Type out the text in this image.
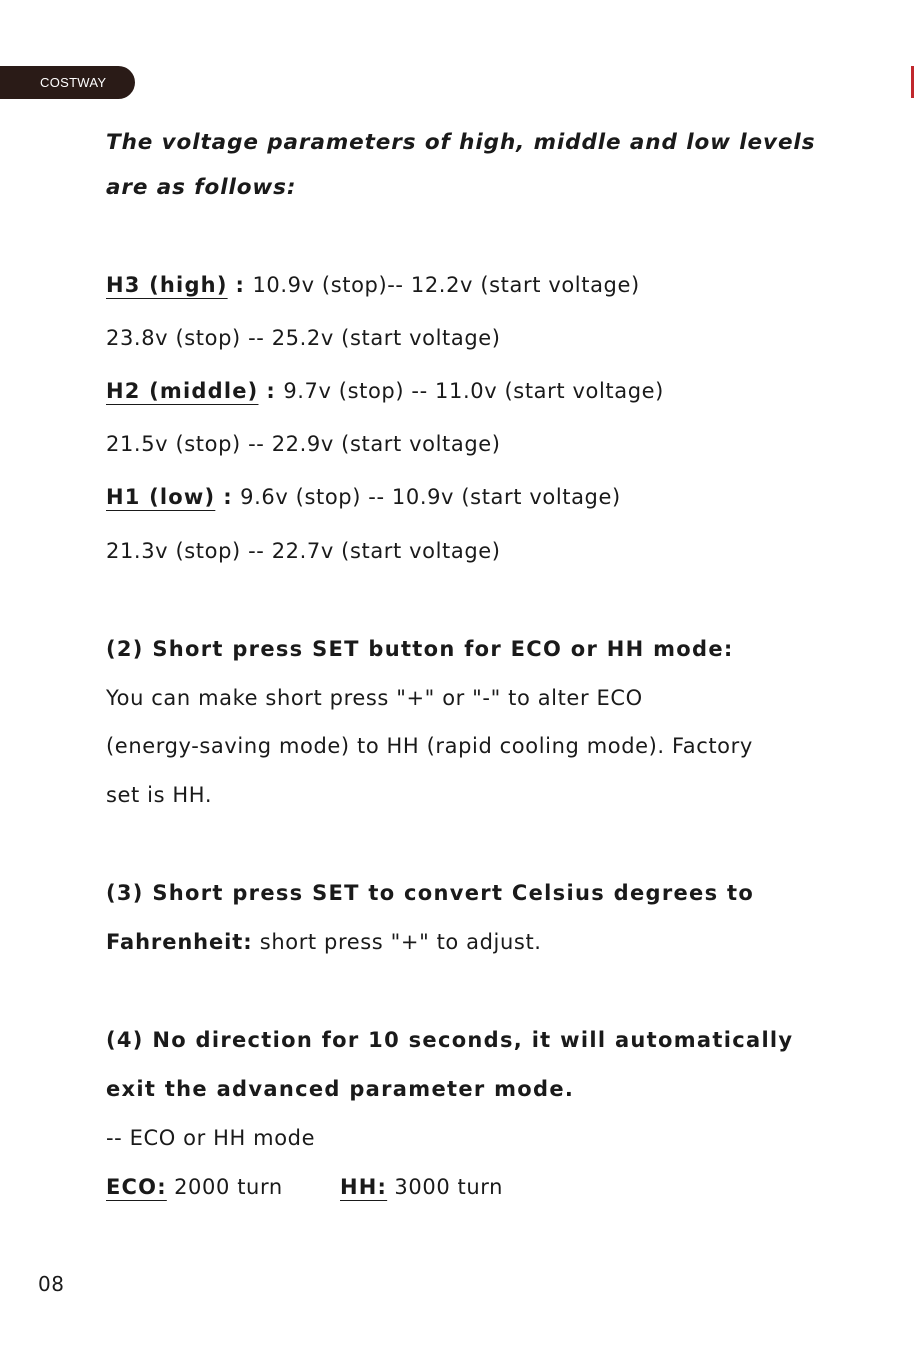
COSTWAY
The voltage parameters of high, middle and low levels
are as follows:
H3 (high) : 10.9v (stop)-- 12.2v (start voltage)
23.8v (stop) -- 25.2v (start voltage)
H2 (middle) : 9.7v (stop) -- 11.0v (start voltage)
21.5v (stop) -- 22.9v (start voltage)
H1 (low) : 9.6v (stop) -- 10.9v (start voltage)
21.3v (stop) -- 22.7v (start voltage)
(2) Short press SET button for ECO or HH mode:
You can make short press "+" or "-" to alter ECO
(energy-saving mode) to HH (rapid cooling mode). Factory
set is HH.
(3) Short press SET to convert Celsius degrees to
Fahrenheit: short press "+" to adjust.
(4) No direction for 10 seconds, it will automatically
exit the advanced parameter mode.
-- ECO or HH mode
ECO: 2000 turn	HH: 3000 turn
08
